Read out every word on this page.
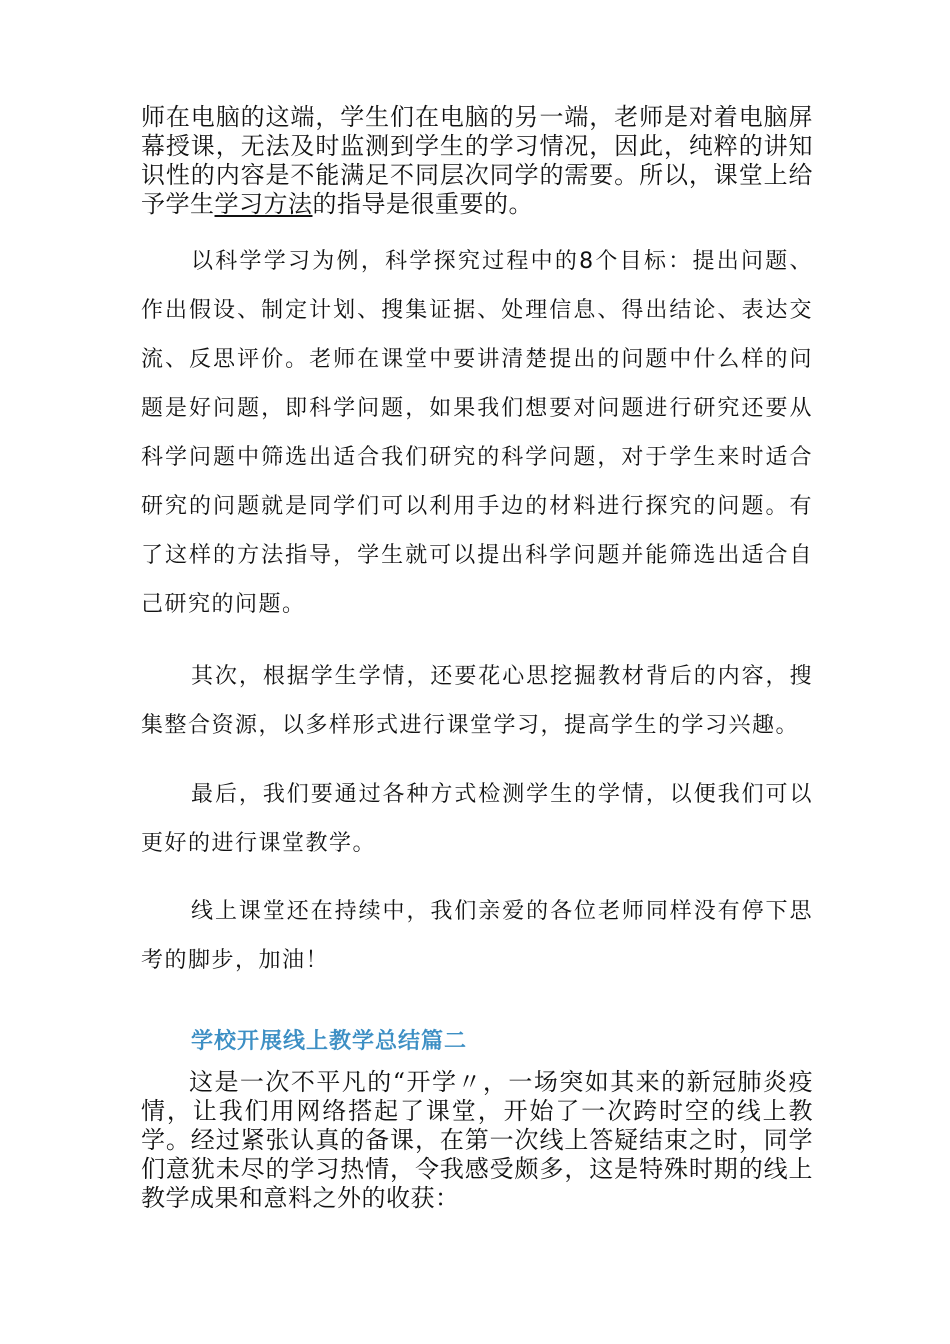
师在电脑的这端，学生们在电脑的另一端，老师是对着电脑屏幕授课，无法及时监测到学生的学习情况，因此，纯粹的讲知识性的内容是不能满足不同层次同学的需要。所以，课堂上给予学生学习方法的指导是很重要的。

以科学学习为例，科学探究过程中的8个目标：提出问题、作出假设、制定计划、搜集证据、处理信息、得出结论、表达交流、反思评价。老师在课堂中要讲清楚提出的问题中什么样的问题是好问题，即科学问题，如果我们想要对问题进行研究还要从科学问题中筛选出适合我们研究的科学问题，对于学生来时适合研究的问题就是同学们可以利用手边的材料进行探究的问题。有了这样的方法指导，学生就可以提出科学问题并能筛选出适合自己研究的问题。

其次，根据学生学情，还要花心思挖掘教材背后的内容，搜集整合资源，以多样形式进行课堂学习，提高学生的学习兴趣。

最后，我们要通过各种方式检测学生的学情，以便我们可以更好的进行课堂教学。

线上课堂还在持续中，我们亲爱的各位老师同样没有停下思考的脚步，加油！

学校开展线上教学总结篇二

这是一次不平凡的“开学〃，一场突如其来的新冠肺炎疫情，让我们用网络搭起了课堂，开始了一次跨时空的线上教学。经过紧张认真的备课，在第一次线上答疑结束之时，同学们意犹未尽的学习热情，令我感受颇多，这是特殊时期的线上教学成果和意料之外的收获：
